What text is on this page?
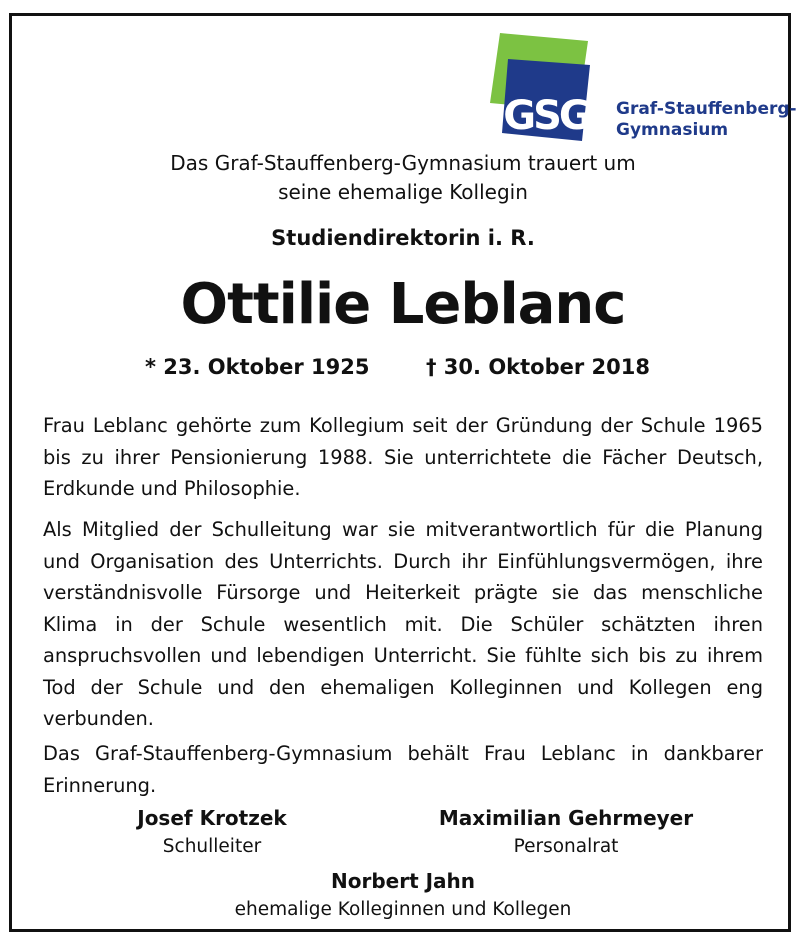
GSG Graf-Stauffenberg-
Gymnasium
Das Graf-Stauffenberg-Gymnasium trauert um
seine ehemalige Kollegin
Studiendirektorin i. R.
Ottilie Leblanc
* 23. Oktober 1925	† 30. Oktober 2018
Frau Leblanc gehörte zum Kollegium seit der Gründung der Schule 1965 bis zu ihrer Pensionierung 1988. Sie unterrichtete die Fächer Deutsch, Erdkunde und Philosophie.
Als Mitglied der Schulleitung war sie mitverantwortlich für die Planung und Organisation des Unterrichts. Durch ihr Einfühlungsvermögen, ihre verständnisvolle Fürsorge und Heiterkeit prägte sie das menschliche Klima in der Schule wesentlich mit. Die Schüler schätzten ihren anspruchsvollen und lebendigen Unterricht. Sie fühlte sich bis zu ihrem Tod der Schule und den ehemaligen Kolleginnen und Kollegen eng verbunden.
Das Graf-Stauffenberg-Gymnasium behält Frau Leblanc in dankbarer Erinnerung.
Josef Krotzek
Schulleiter
Maximilian Gehrmeyer
Personalrat
Norbert Jahn
ehemalige Kolleginnen und Kollegen
